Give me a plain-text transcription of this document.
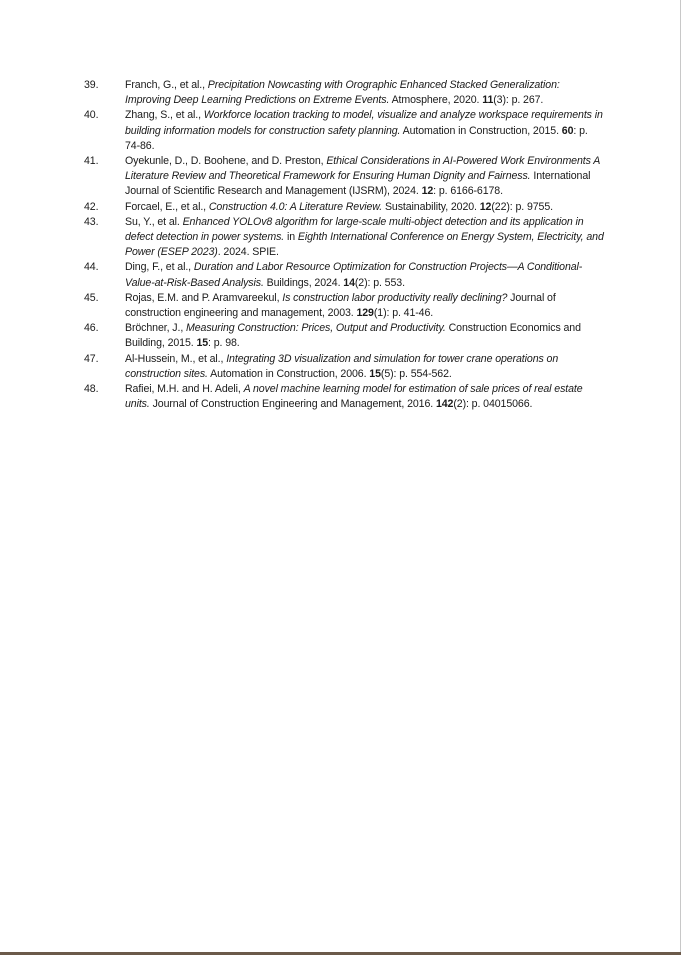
39.	Franch, G., et al., Precipitation Nowcasting with Orographic Enhanced Stacked Generalization: Improving Deep Learning Predictions on Extreme Events. Atmosphere, 2020. 11(3): p. 267.
40.	Zhang, S., et al., Workforce location tracking to model, visualize and analyze workspace requirements in building information models for construction safety planning. Automation in Construction, 2015. 60: p. 74-86.
41.	Oyekunle, D., D. Boohene, and D. Preston, Ethical Considerations in AI-Powered Work Environments A Literature Review and Theoretical Framework for Ensuring Human Dignity and Fairness. International Journal of Scientific Research and Management (IJSRM), 2024. 12: p. 6166-6178.
42.	Forcael, E., et al., Construction 4.0: A Literature Review. Sustainability, 2020. 12(22): p. 9755.
43.	Su, Y., et al. Enhanced YOLOv8 algorithm for large-scale multi-object detection and its application in defect detection in power systems. in Eighth International Conference on Energy System, Electricity, and Power (ESEP 2023). 2024. SPIE.
44.	Ding, F., et al., Duration and Labor Resource Optimization for Construction Projects—A Conditional-Value-at-Risk-Based Analysis. Buildings, 2024. 14(2): p. 553.
45.	Rojas, E.M. and P. Aramvareekul, Is construction labor productivity really declining? Journal of construction engineering and management, 2003. 129(1): p. 41-46.
46.	Bröchner, J., Measuring Construction: Prices, Output and Productivity. Construction Economics and Building, 2015. 15: p. 98.
47.	Al-Hussein, M., et al., Integrating 3D visualization and simulation for tower crane operations on construction sites. Automation in Construction, 2006. 15(5): p. 554-562.
48.	Rafiei, M.H. and H. Adeli, A novel machine learning model for estimation of sale prices of real estate units. Journal of Construction Engineering and Management, 2016. 142(2): p. 04015066.
